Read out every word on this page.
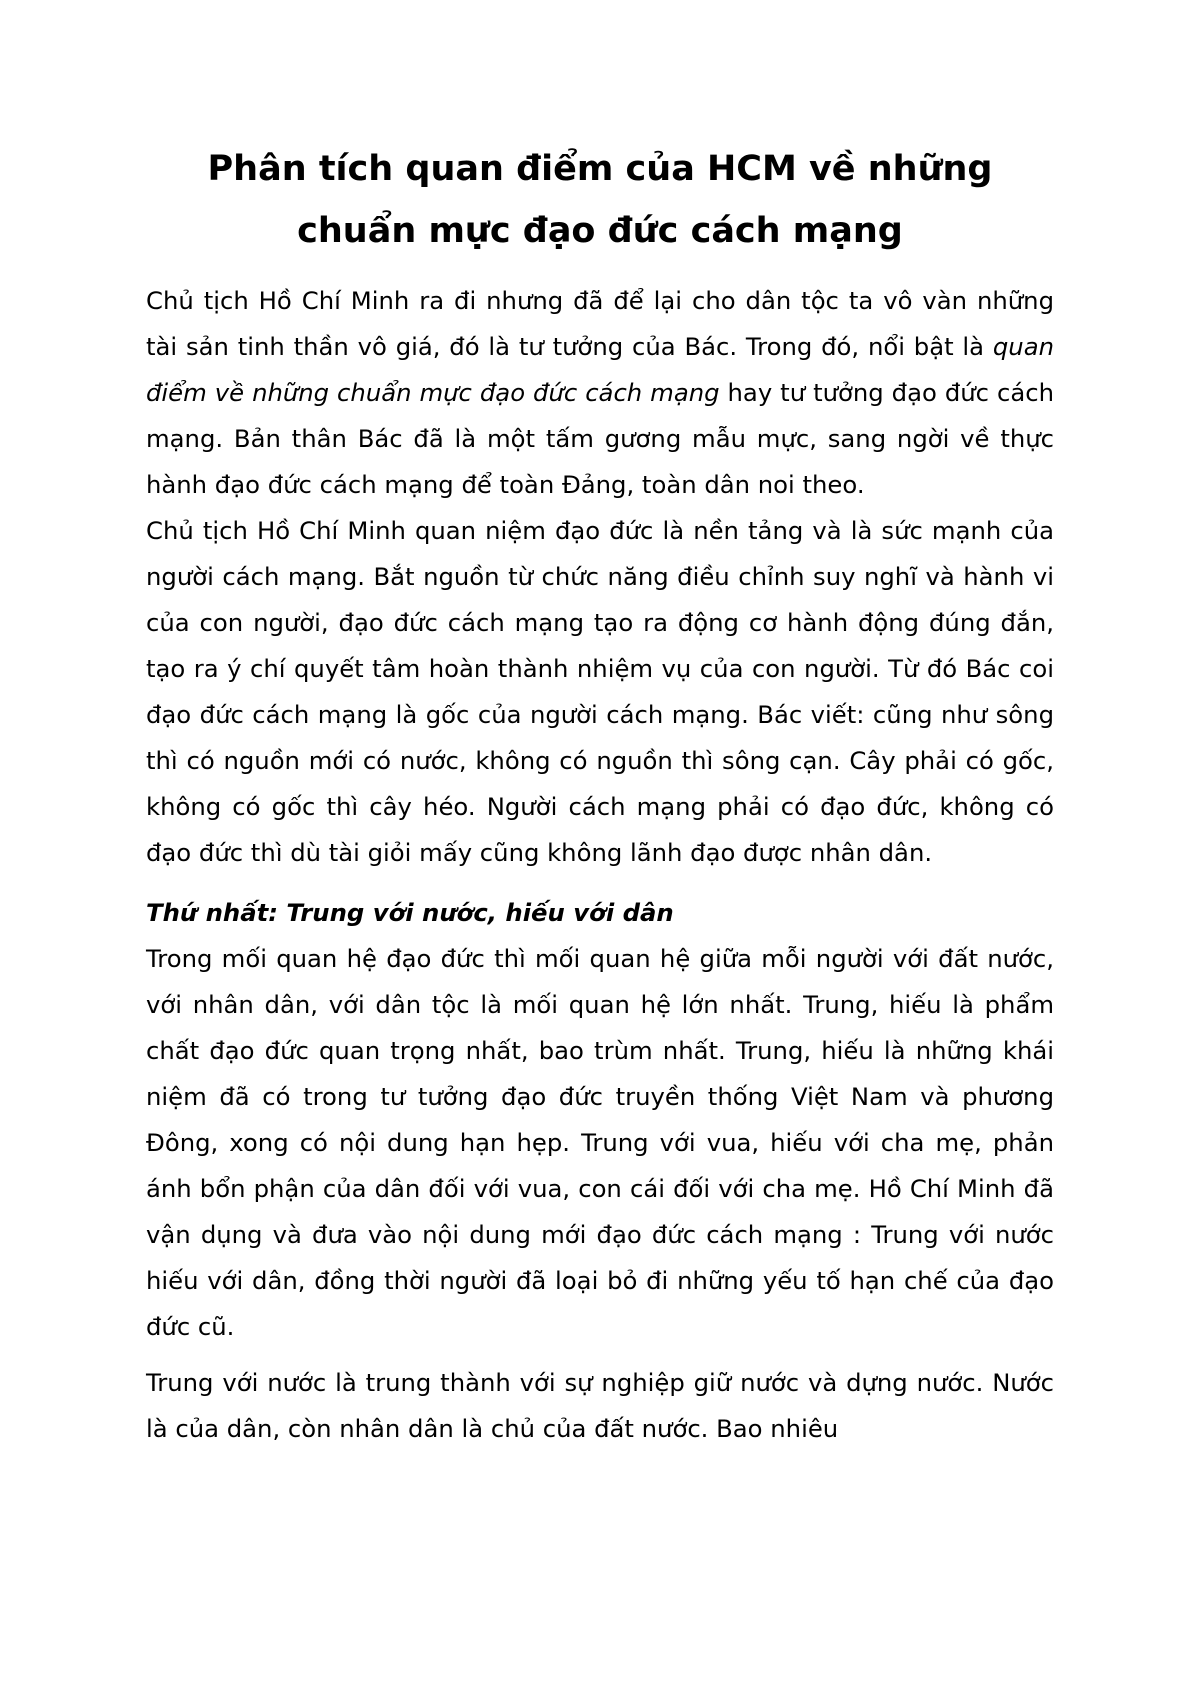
Phân tích quan điểm của HCM về những
chuẩn mực đạo đức cách mạng

Chủ tịch Hồ Chí Minh ra đi nhưng đã để lại cho dân tộc ta vô vàn những tài sản tinh thần vô giá, đó là tư tưởng của Bác. Trong đó, nổi bật là quan điểm về những chuẩn mực đạo đức cách mạng hay tư tưởng đạo đức cách mạng. Bản thân Bác đã là một tấm gương mẫu mực, sang ngời về thực hành đạo đức cách mạng để toàn Đảng, toàn dân noi theo.

Chủ tịch Hồ Chí Minh quan niệm đạo đức là nền tảng và là sức mạnh của người cách mạng. Bắt nguồn từ chức năng điều chỉnh suy nghĩ và hành vi của con người, đạo đức cách mạng tạo ra động cơ hành động đúng đắn, tạo ra ý chí quyết tâm hoàn thành nhiệm vụ của con người. Từ đó Bác coi đạo đức cách mạng là gốc của người cách mạng. Bác viết: cũng như sông thì có nguồn mới có nước, không có nguồn thì sông cạn. Cây phải có gốc, không có gốc thì cây héo. Người cách mạng phải có đạo đức, không có đạo đức thì dù tài giỏi mấy cũng không lãnh đạo được nhân dân.

Thứ nhất: Trung với nước, hiếu với dân

Trong mối quan hệ đạo đức thì mối quan hệ giữa mỗi người với đất nước, với nhân dân, với dân tộc là mối quan hệ lớn nhất. Trung, hiếu là phẩm chất đạo đức quan trọng nhất, bao trùm nhất. Trung, hiếu là những khái niệm đã có trong tư tưởng đạo đức truyền thống Việt Nam và phương Đông, xong có nội dung hạn hẹp. Trung với vua, hiếu với cha mẹ, phản ánh bổn phận của dân đối với vua, con cái đối với cha mẹ. Hồ Chí Minh đã vận dụng và đưa vào nội dung mới đạo đức cách mạng : Trung với nước hiếu với dân, đồng thời người đã loại bỏ đi những yếu tố hạn chế của đạo đức cũ.

Trung với nước là trung thành với sự nghiệp giữ nước và dựng nước. Nước là của dân, còn nhân dân là chủ của đất nước. Bao nhiêu
